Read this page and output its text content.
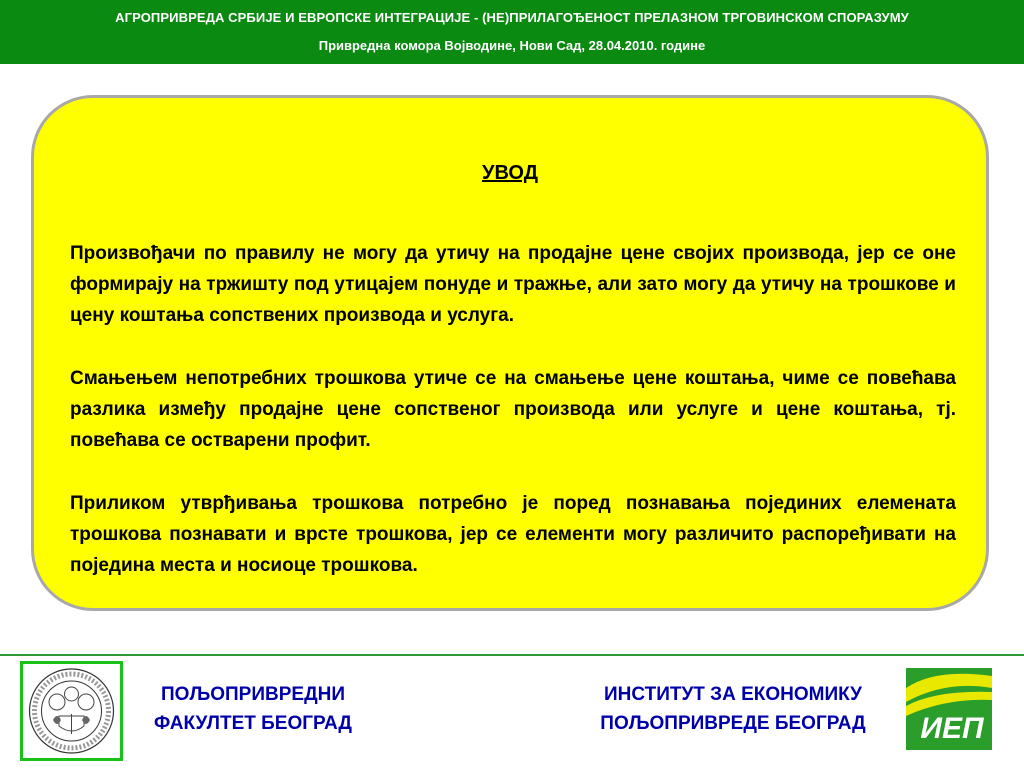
АГРОПРИВРЕДА СРБИЈЕ И ЕВРОПСКЕ ИНТЕГРАЦИЈЕ - (НЕ)ПРИЛАГОЂЕНОСТ ПРЕЛАЗНОМ ТРГОВИНСКОМ СПОРАЗУМУ
Привредна комора Војводине, Нови Сад, 28.04.2010. године
УВОД
Произвођачи по правилу не могу да утичу на продајне цене својих производа, јер се оне формирају на тржишту под утицајем понуде и тражње, али зато могу да утичу на трошкове и цену коштања сопствених производа и услуга.
Смањењем непотребних трошкова утиче се на смањење цене коштања, чиме се повећава разлика између продајне цене сопственог производа или услуге и цене коштања, тј. повећава се остварени профит.
Приликом утврђивања трошкова потребно је поред познавања појединих елемената трошкова познавати и врсте трошкова, јер се елементи могу различито распоређивати на појединa места и носиоце трошкова.
ПОЉОПРИВРЕДНИ
ФАКУЛТЕТ БЕОГРАД
ИНСТИТУТ ЗА ЕКОНОМИКУ
ПОЉОПРИВРЕДЕ БЕОГРАД	ИЕП
